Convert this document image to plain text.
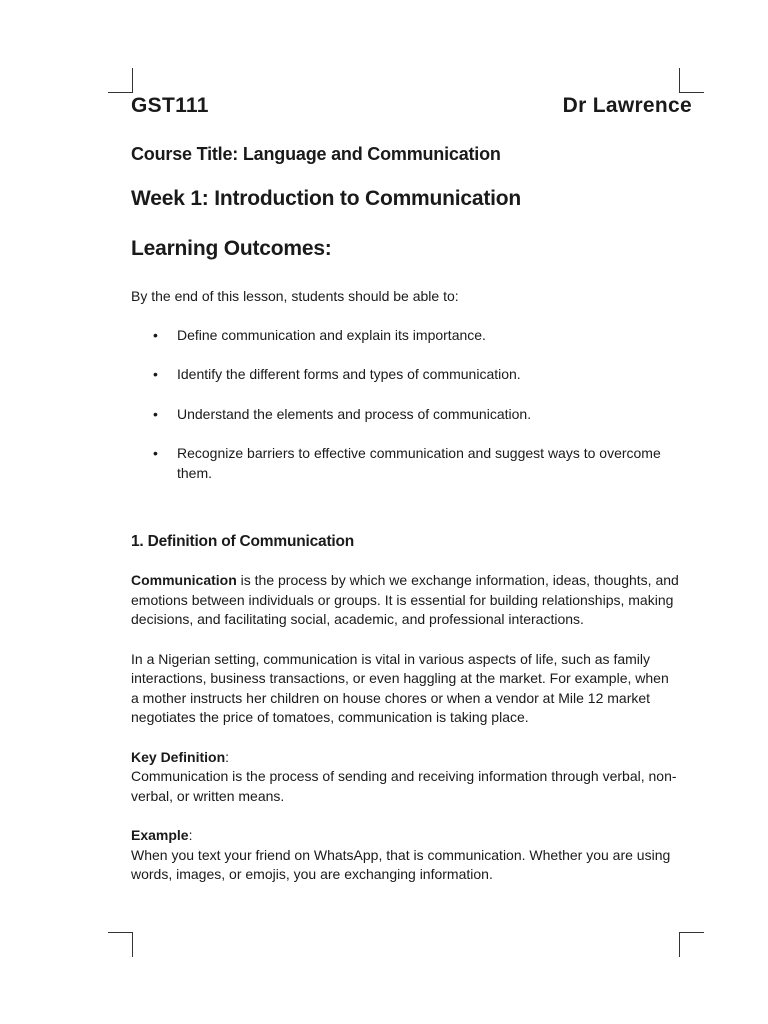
GST111	Dr Lawrence
Course Title: Language and Communication
Week 1: Introduction to Communication
Learning Outcomes:
By the end of this lesson, students should be able to:
• Define communication and explain its importance.
• Identify the different forms and types of communication.
• Understand the elements and process of communication.
• Recognize barriers to effective communication and suggest ways to overcome them.
1. Definition of Communication
Communication is the process by which we exchange information, ideas, thoughts, and emotions between individuals or groups. It is essential for building relationships, making decisions, and facilitating social, academic, and professional interactions.
In a Nigerian setting, communication is vital in various aspects of life, such as family interactions, business transactions, or even haggling at the market. For example, when a mother instructs her children on house chores or when a vendor at Mile 12 market negotiates the price of tomatoes, communication is taking place.
Key Definition:
Communication is the process of sending and receiving information through verbal, non-verbal, or written means.
Example:
When you text your friend on WhatsApp, that is communication. Whether you are using words, images, or emojis, you are exchanging information.
